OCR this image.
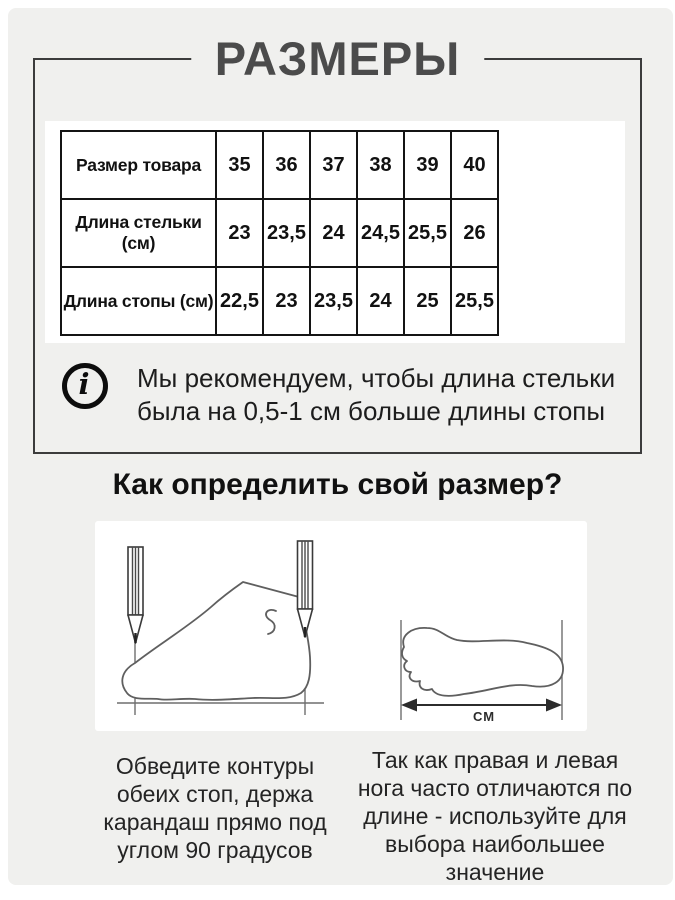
РАЗМЕРЫ
Размер товара	35	36	37	38	39	40
Длина стельки (см)	23	23,5	24	24,5	25,5	26
Длина стопы (см)	22,5	23	23,5	24	25	25,5
i Мы рекомендуем, чтобы длина стельки
была на 0,5-1 см больше длины стопы
Как определить свой размер?
СМ
Обведите контуры
обеих стоп, держа
карандаш прямо под
углом 90 градусов
Так как правая и левая
нога часто отличаются по
длине - используйте для
выбора наибольшее
значение
